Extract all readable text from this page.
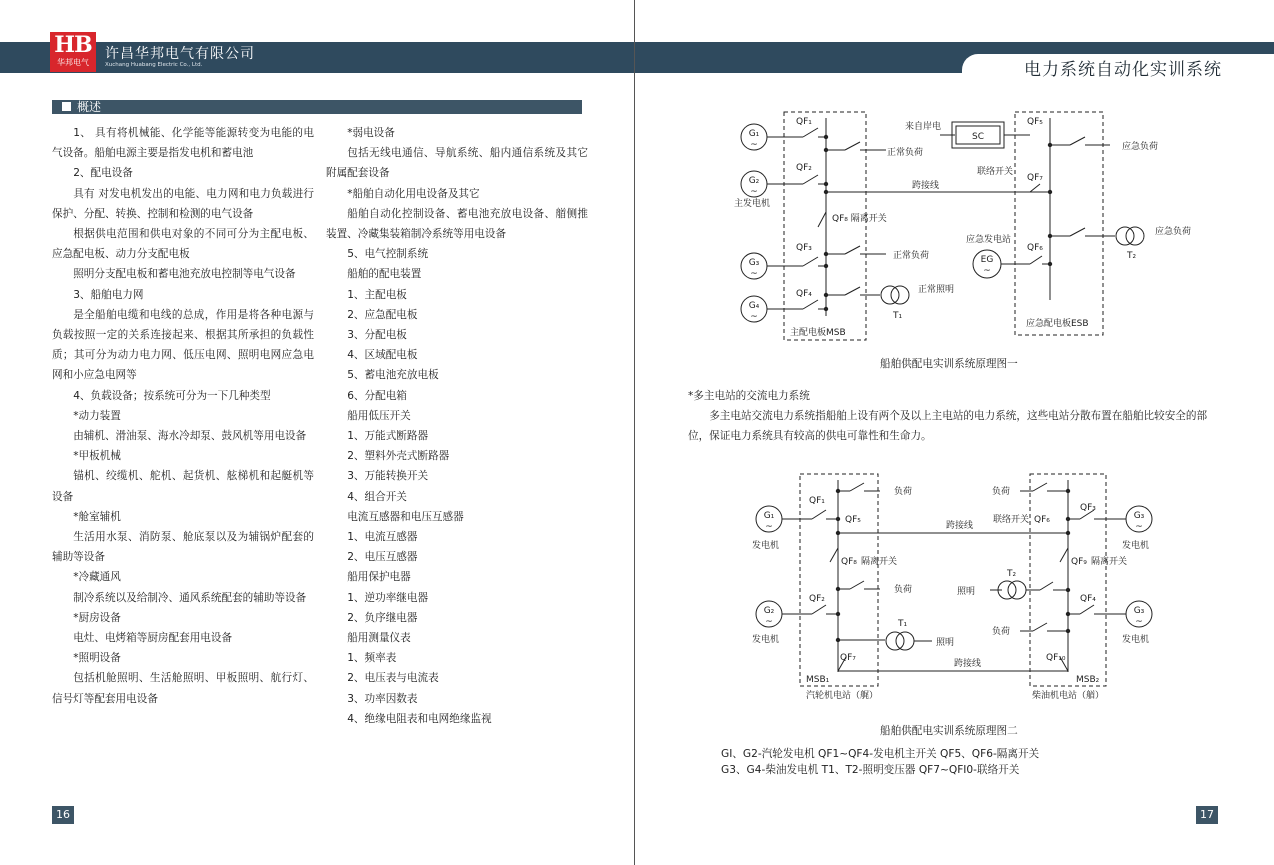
HB
华邦电气
许昌华邦电气有限公司
Xuchang Huabang Electric Co., Ltd.	电力系统自动化实训系统
概述

1、 具有将机械能、化学能等能源转变为电能的电气设备。船舶电源主要是指发电机和蓄电池

2、配电设备

具有 对发电机发出的电能、电力网和电力负载进行保护、分配、转换、控制和检测的电气设备

根据供电范围和供电对象的不同可分为主配电板、应急配电板、动力分支配电板

照明分支配电板和蓄电池充放电控制等电气设备

3、船舶电力网

是全船舶电缆和电线的总成，作用是将各种电源与负载按照一定的关系连接起来、根据其所承担的负载性质；其可分为动力电力网、低压电网、照明电网应急电网和小应急电网等

4、负载设备；按系统可分为一下几种类型

*动力装置

由辅机、滑油泵、海水冷却泵、鼓风机等用电设备

*甲板机械

锚机、绞缆机、舵机、起货机、舷梯机和起艇机等设备

*舱室辅机

生活用水泵、消防泵、舱底泵以及为辅锅炉配套的辅助等设备

*冷藏通风

制冷系统以及给制冷、通风系统配套的辅助等设备

*厨房设备

电灶、电烤箱等厨房配套用电设备

*照明设备

包括机舱照明、生活舱照明、甲板照明、航行灯、信号灯等配套用电设备

*弱电设备

包括无线电通信、导航系统、船内通信系统及其它附属配套设备

*船舶自动化用电设备及其它

船舶自动化控制设备、蓄电池充放电设备、艏侧推装置、冷藏集装箱制冷系统等用电设备

5、电气控制系统

船舶的配电装置

1、主配电板

2、应急配电板

3、分配电板

4、区域配电板

5、蓄电池充放电板

6、分配电箱

船用低压开关

1、万能式断路器

2、塑料外壳式断路器

3、万能转换开关

4、组合开关

电流互感器和电压互感器

1、电流互感器

2、电压互感器

船用保护电器

1、逆功率继电器

2、负序继电器

船用测量仪表

1、频率表

2、电压表与电流表

3、功率因数表

4、绝缘电阻表和电网绝缘监视

16
G₁
~
G₂
~
G₃
~
G₄
~
QF₁
QF₂
QF₃
QF₄
QF₅
QF₇
QF₆
QF₈ 隔离开关
来自岸电
SC
应急负荷
正常负荷
联络开关
跨接线
主发电机
应急发电站
EG
~
正常负荷
正常照明
T₁
应急负荷
T₂
主配电板MSB
应急配电板ESB
船舶供配电实训系统原理图一

*多主电站的交流电力系统

多主电站交流电力系统指船舶上设有两个及以上主电站的电力系统，这些电站分散布置在船舶比较安全的部位，保证电力系统具有较高的供电可靠性和生命力。

G₁
~
G₂
~
G₃
~
G₃
~
发电机
发电机
发电机
发电机
QF₁
QF₅
QF₂
QF₇
QF₃
QF₆
QF₄
QF₁₀
QF₈ 隔离开关	QF₉ 隔离开关
负荷
负荷
负荷
负荷
跨接线
跨接线
联络开关
照明
照明
T₁
T₂
MSB₁	MSB₂
汽轮机电站（艉）	柴油机电站（艏）
船舶供配电实训系统原理图二
GI、G2-汽轮发电机 QF1~QF4-发电机主开关 QF5、QF6-隔离开关
G3、G4-柴油发电机 T1、T2-照明变压器 QF7~QFI0-联络开关
17
